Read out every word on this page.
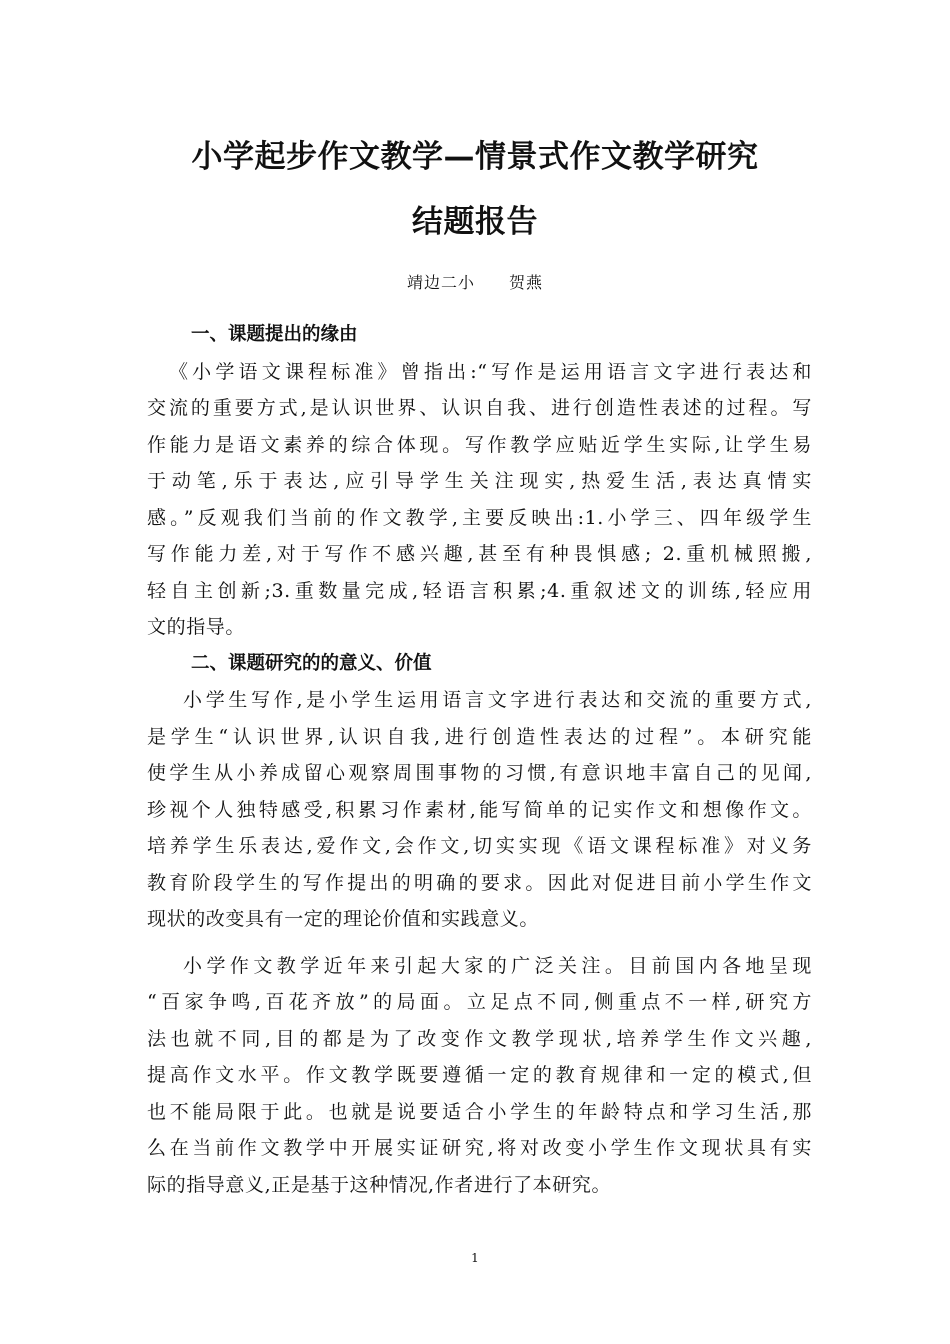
小学起步作文教学—情景式作文教学研究
结题报告
靖边二小 贺燕
一、课题提出的缘由
《小学语文课程标准》曾指出:“写作是运用语言文字进行表达和
交流的重要方式,是认识世界、认识自我、进行创造性表述的过程。写
作能力是语文素养的综合体现。写作教学应贴近学生实际,让学生易
于动笔,乐于表达,应引导学生关注现实,热爱生活,表达真情实
感。”反观我们当前的作文教学,主要反映出:1.小学三、四年级学生
写作能力差,对于写作不感兴趣,甚至有种畏惧感; 2.重机械照搬,
轻自主创新;3.重数量完成,轻语言积累;4.重叙述文的训练,轻应用
文的指导。
二、课题研究的的意义、价值
小学生写作,是小学生运用语言文字进行表达和交流的重要方式,
是学生“认识世界,认识自我,进行创造性表达的过程”。本研究能
使学生从小养成留心观察周围事物的习惯,有意识地丰富自己的见闻,
珍视个人独特感受,积累习作素材,能写简单的记实作文和想像作文。
培养学生乐表达,爱作文,会作文,切实实现《语文课程标准》对义务
教育阶段学生的写作提出的明确的要求。因此对促进目前小学生作文
现状的改变具有一定的理论价值和实践意义。
小学作文教学近年来引起大家的广泛关注。目前国内各地呈现
“百家争鸣,百花齐放”的局面。立足点不同,侧重点不一样,研究方
法也就不同,目的都是为了改变作文教学现状,培养学生作文兴趣,
提高作文水平。作文教学既要遵循一定的教育规律和一定的模式,但
也不能局限于此。也就是说要适合小学生的年龄特点和学习生活,那
么在当前作文教学中开展实证研究,将对改变小学生作文现状具有实
际的指导意义,正是基于这种情况,作者进行了本研究。
1
